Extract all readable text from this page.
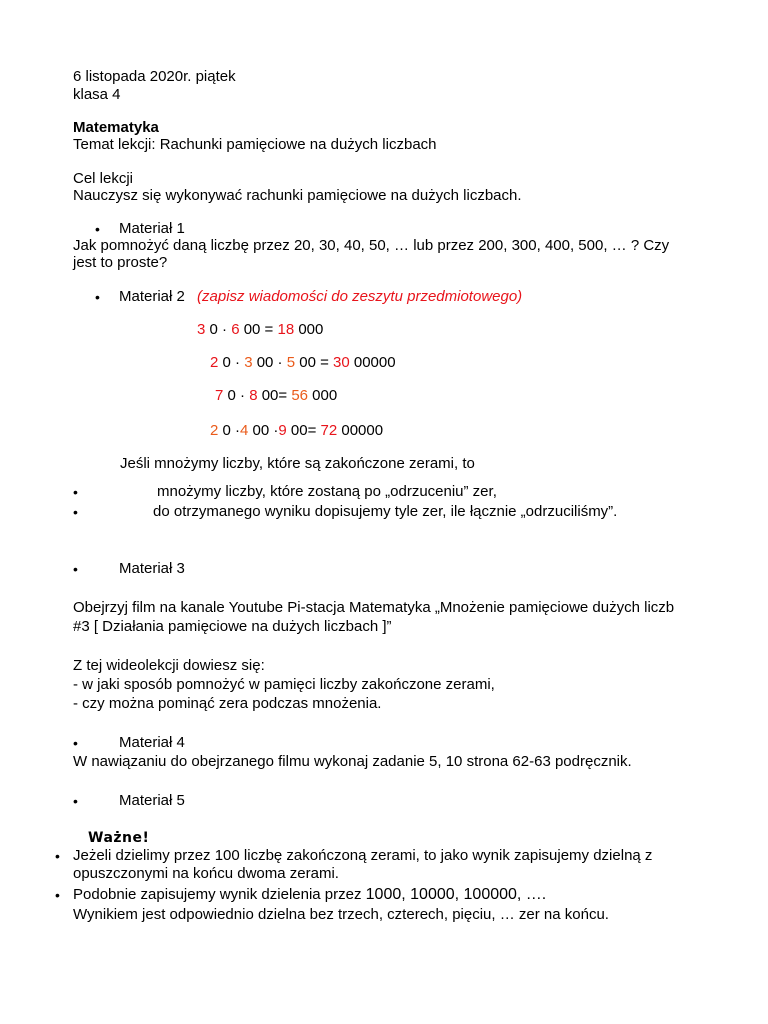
6 listopada 2020r. piątek
klasa 4
Matematyka
Temat lekcji: Rachunki pamięciowe na dużych liczbach
Cel lekcji
Nauczysz się wykonywać rachunki pamięciowe na dużych liczbach.
• Materiał 1
Jak pomnożyć daną liczbę przez 20, 30, 40, 50, … lub przez 200, 300, 400, 500, … ? Czy
jest to proste?
• Materiał 2 (zapisz wiadomości do zeszytu przedmiotowego)
3 0 · 6 00 = 18 000
2 0 · 3 00 · 5 00 = 30 00000
7 0 · 8 00= 56 000
2 0 ·4 00 ·9 00= 72 00000
Jeśli mnożymy liczby, które są zakończone zerami, to
•	mnożymy liczby, które zostaną po „odrzuceniu” zer,
•	do otrzymanego wyniku dopisujemy tyle zer, ile łącznie „odrzuciliśmy”.
•	Materiał 3
Obejrzyj film na kanale Youtube Pi-stacja Matematyka „Mnożenie pamięciowe dużych liczb
#3 [ Działania pamięciowe na dużych liczbach ]”
Z tej wideolekcji dowiesz się:
- w jaki sposób pomnożyć w pamięci liczby zakończone zerami,
- czy można pominąć zera podczas mnożenia.
•	Materiał 4
W nawiązaniu do obejrzanego filmu wykonaj zadanie 5, 10 strona 62-63 podręcznik.
•	Materiał 5
Ważne!
• Jeżeli dzielimy przez 100 liczbę zakończoną zerami, to jako wynik zapisujemy dzielną z
opuszczonymi na końcu dwoma zerami.
• Podobnie zapisujemy wynik dzielenia przez 1000, 10000, 100000, ….
Wynikiem jest odpowiednio dzielna bez trzech, czterech, pięciu, … zer na końcu.
